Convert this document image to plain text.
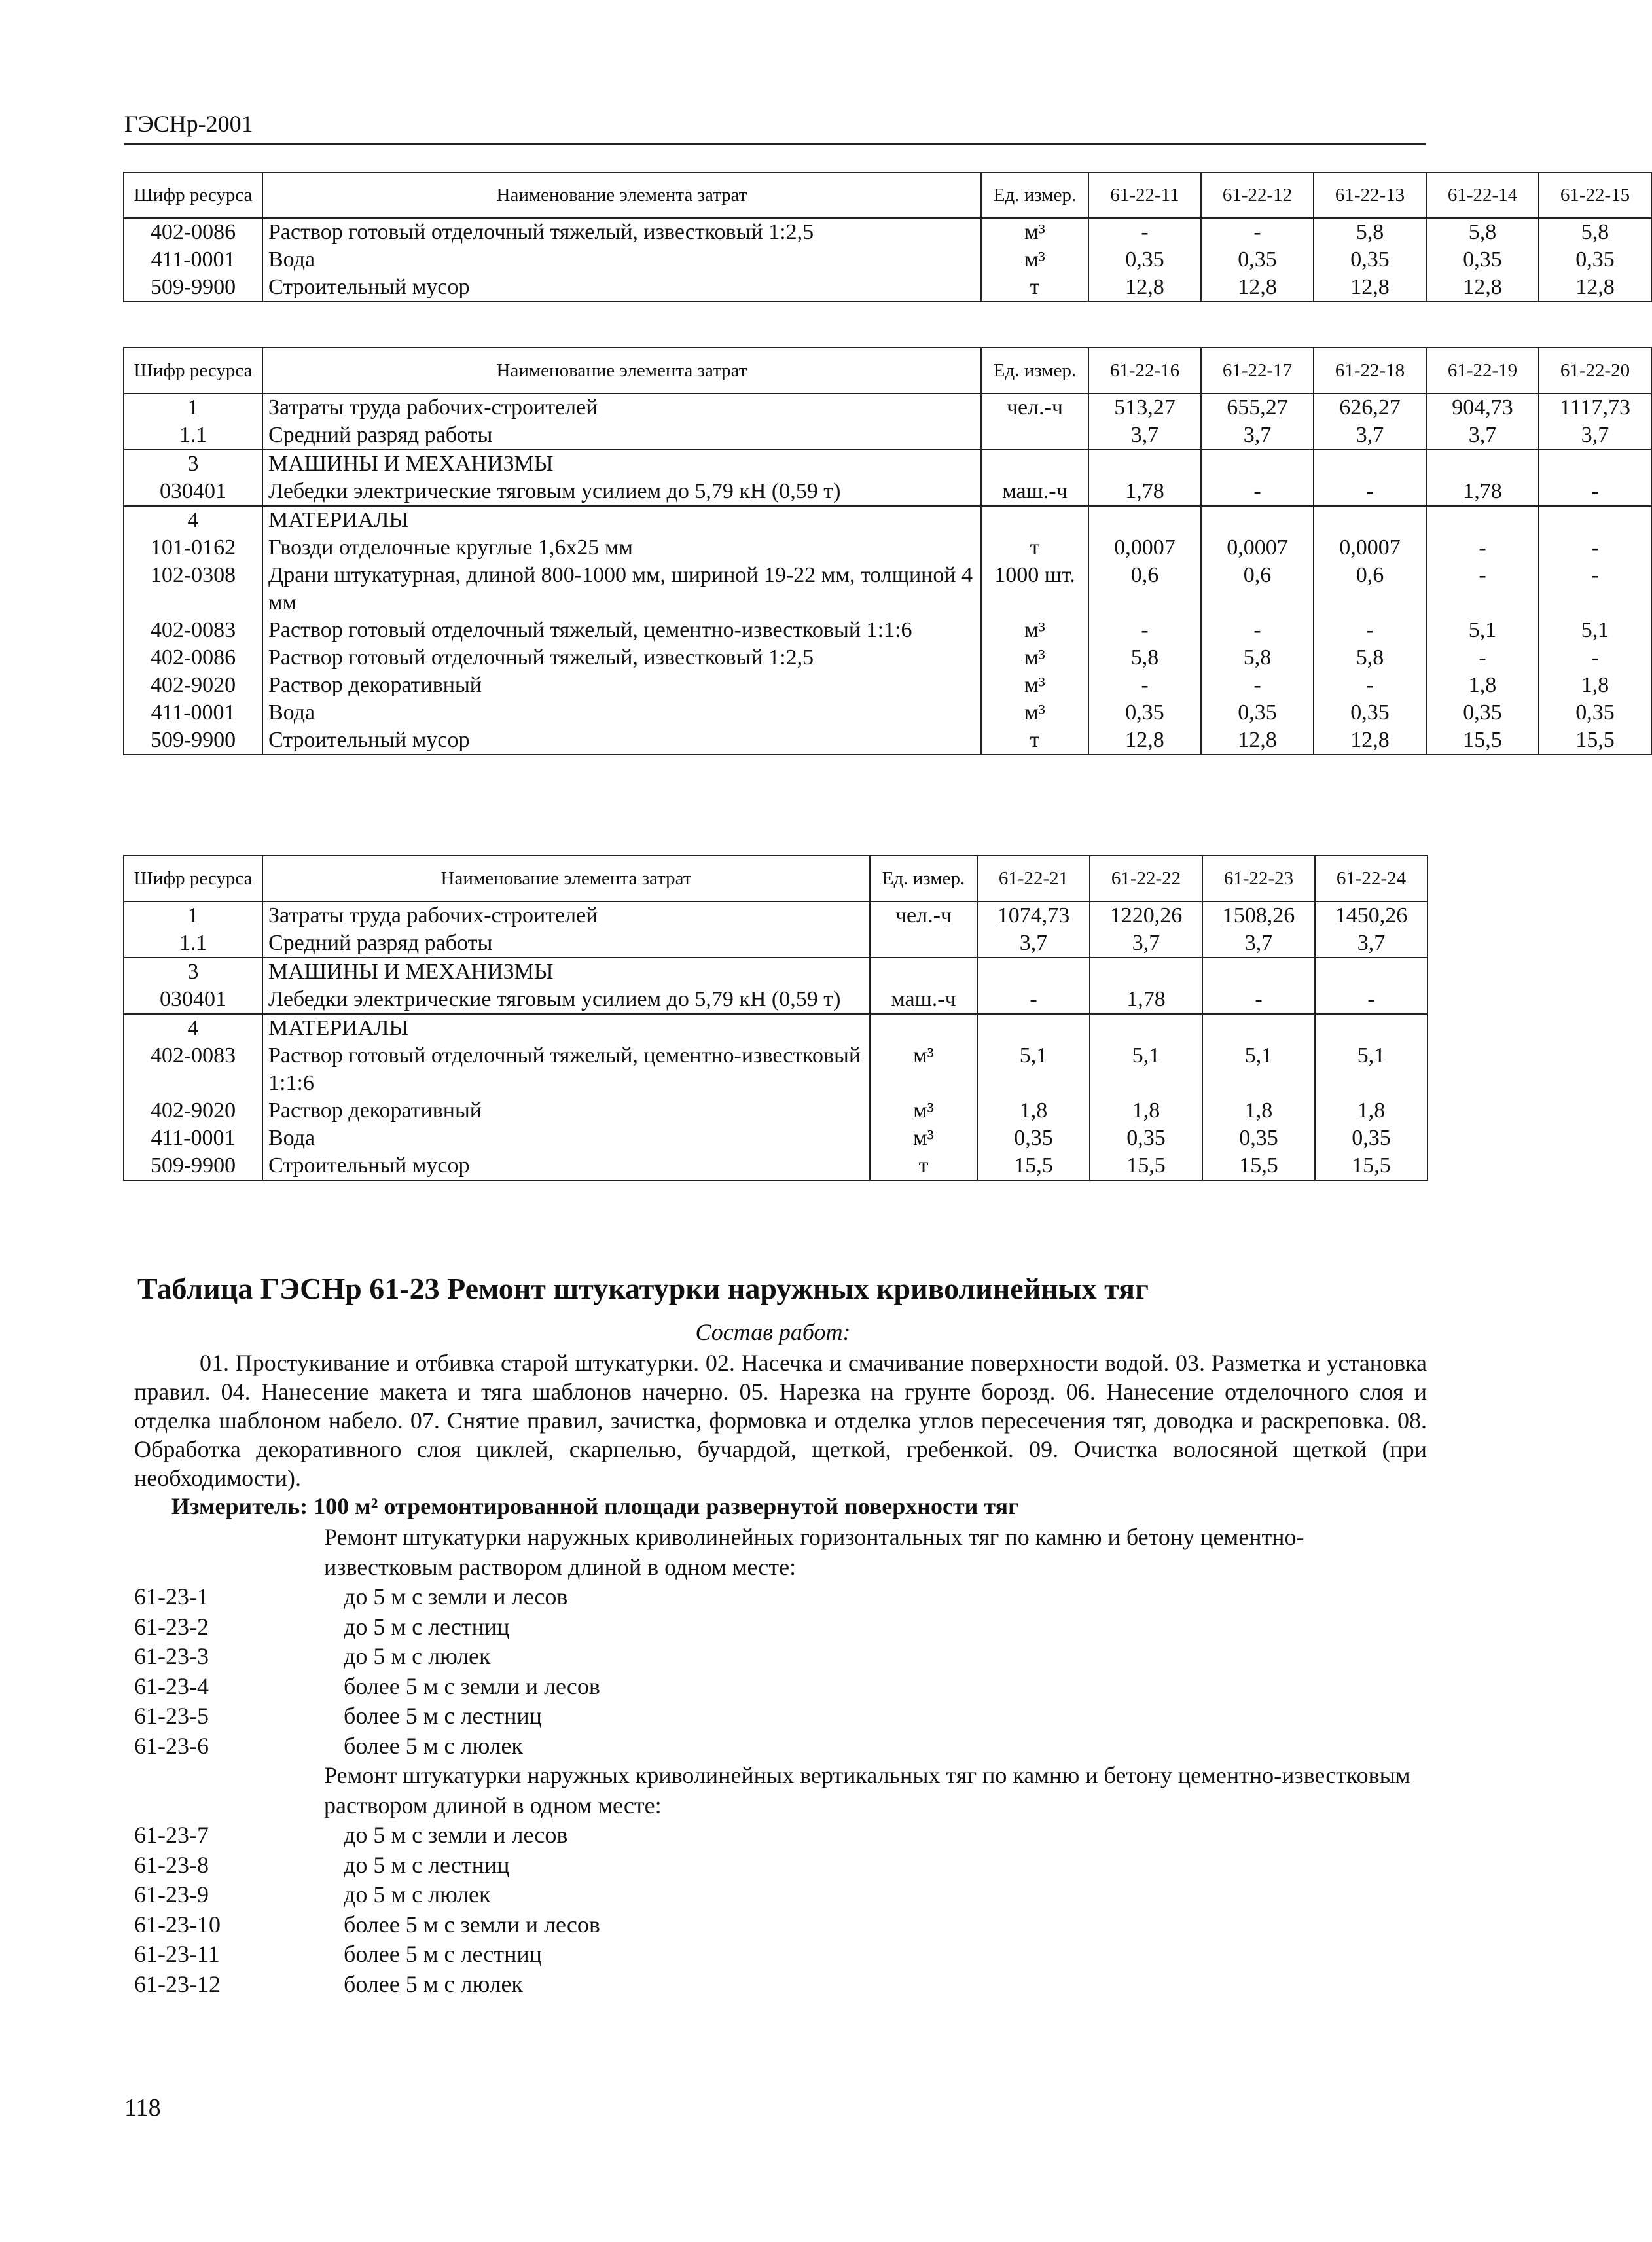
ГЭСНр-2001
Шифр ресурса	Наименование элемента затрат	Ед. измер.	61-22-11	61-22-12	61-22-13	61-22-14	61-22-15
402-0086	Раствор готовый отделочный тяжелый, известковый 1:2,5	м³	-	-	5,8	5,8	5,8
411-0001	Вода	м³	0,35	0,35	0,35	0,35	0,35
509-9900	Строительный мусор	т	12,8	12,8	12,8	12,8	12,8
Шифр ресурса	Наименование элемента затрат	Ед. измер.	61-22-16	61-22-17	61-22-18	61-22-19	61-22-20
1	Затраты труда рабочих-строителей	чел.-ч	513,27	655,27	626,27	904,73	1117,73
1.1	Средний разряд работы		3,7	3,7	3,7	3,7	3,7
3	МАШИНЫ И МЕХАНИЗМЫ						
030401	Лебедки электрические тяговым усилием до 5,79 кН (0,59 т)	маш.-ч	1,78	-	-	1,78	-
4	МАТЕРИАЛЫ						
101-0162	Гвозди отделочные круглые 1,6х25 мм	т	0,0007	0,0007	0,0007	-	-
102-0308	Драни штукатурная, длиной 800-1000 мм, шириной 19-22 мм, толщиной 4 мм	1000 шт.	0,6	0,6	0,6	-	-
402-0083	Раствор готовый отделочный тяжелый, цементно-известковый 1:1:6	м³	-	-	-	5,1	5,1
402-0086	Раствор готовый отделочный тяжелый, известковый 1:2,5	м³	5,8	5,8	5,8	-	-
402-9020	Раствор декоративный	м³	-	-	-	1,8	1,8
411-0001	Вода	м³	0,35	0,35	0,35	0,35	0,35
509-9900	Строительный мусор	т	12,8	12,8	12,8	15,5	15,5
Шифр ресурса	Наименование элемента затрат	Ед. измер.	61-22-21	61-22-22	61-22-23	61-22-24
1	Затраты труда рабочих-строителей	чел.-ч	1074,73	1220,26	1508,26	1450,26
1.1	Средний разряд работы		3,7	3,7	3,7	3,7
3	МАШИНЫ И МЕХАНИЗМЫ					
030401	Лебедки электрические тяговым усилием до 5,79 кН (0,59 т)	маш.-ч	-	1,78	-	-
4	МАТЕРИАЛЫ					
402-0083	Раствор готовый отделочный тяжелый, цементно-известковый 1:1:6	м³	5,1	5,1	5,1	5,1
402-9020	Раствор декоративный	м³	1,8	1,8	1,8	1,8
411-0001	Вода	м³	0,35	0,35	0,35	0,35
509-9900	Строительный мусор	т	15,5	15,5	15,5	15,5
Таблица ГЭСНр 61-23 Ремонт штукатурки наружных криволинейных тяг
Состав работ:
01. Простукивание и отбивка старой штукатурки. 02. Насечка и смачивание поверхности водой. 03. Разметка и установка правил. 04. Нанесение макета и тяга шаблонов начерно. 05. Нарезка на грунте борозд. 06. Нанесение отделочного слоя и отделка шаблоном набело. 07. Снятие правил, зачистка, формовка и отделка углов пересечения тяг, доводка и раскреповка. 08. Обработка декоративного слоя циклей, скарпелью, бучардой, щеткой, гребенкой. 09. Очистка волосяной щеткой (при необходимости).
Измеритель: 100 м² отремонтированной площади развернутой поверхности тяг
Ремонт штукатурки наружных криволинейных горизонтальных тяг по камню и бетону цементно-известковым раствором длиной в одном месте:
61-23-1	до 5 м с земли и лесов
61-23-2	до 5 м с лестниц
61-23-3	до 5 м с люлек
61-23-4	более 5 м с земли и лесов
61-23-5	более 5 м с лестниц
61-23-6	более 5 м с люлек
Ремонт штукатурки наружных криволинейных вертикальных тяг по камню и бетону цементно-известковым раствором длиной в одном месте:
61-23-7	до 5 м с земли и лесов
61-23-8	до 5 м с лестниц
61-23-9	до 5 м с люлек
61-23-10	более 5 м с земли и лесов
61-23-11	более 5 м с лестниц
61-23-12	более 5 м с люлек
118
